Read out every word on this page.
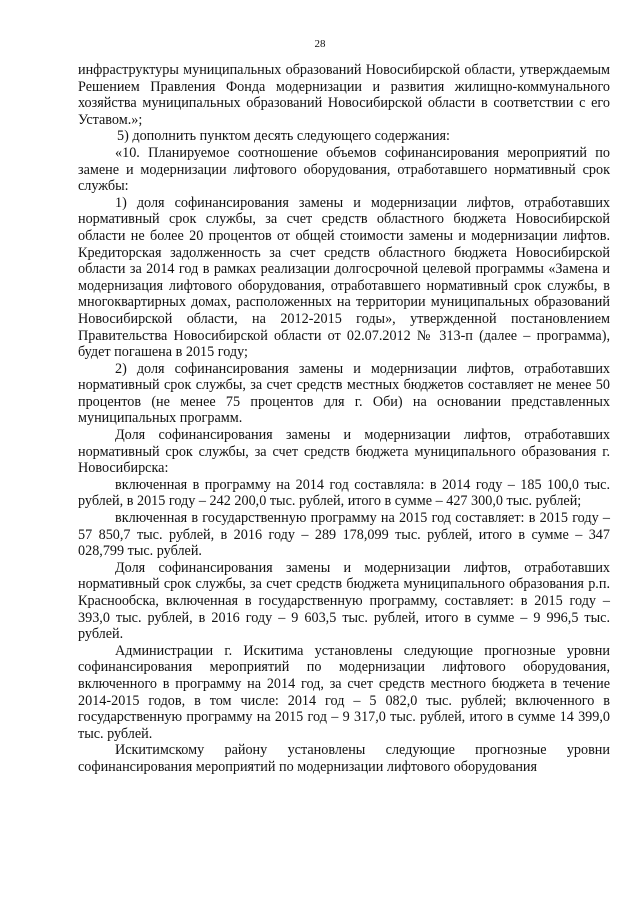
28

инфраструктуры муниципальных образований Новосибирской области, утверждаемым Решением Правления Фонда модернизации и развития жилищно-коммунального хозяйства муниципальных образований Новосибирской области в соответствии с его Уставом.»;

5) дополнить пунктом десять следующего содержания:

«10. Планируемое соотношение объемов софинансирования мероприятий по замене и модернизации лифтового оборудования, отработавшего нормативный срок службы:

1) доля софинансирования замены и модернизации лифтов, отработавших нормативный срок службы, за счет средств областного бюджета Новосибирской области не более 20 процентов от общей стоимости замены и модернизации лифтов. Кредиторская задолженность за счет средств областного бюджета Новосибирской области за 2014 год в рамках реализации долгосрочной целевой программы «Замена и модернизация лифтового оборудования, отработавшего нормативный срок службы, в многоквартирных домах, расположенных на территории муниципальных образований Новосибирской области, на 2012-2015 годы», утвержденной постановлением Правительства Новосибирской области от 02.07.2012 № 313-п (далее – программа), будет погашена в 2015 году;

2) доля софинансирования замены и модернизации лифтов, отработавших нормативный срок службы, за счет средств местных бюджетов составляет не менее 50 процентов (не менее 75 процентов для г. Оби) на основании представленных муниципальных программ.

Доля софинансирования замены и модернизации лифтов, отработавших нормативный срок службы, за счет средств бюджета муниципального образования г. Новосибирска:

включенная в программу на 2014 год составляла: в 2014 году – 185 100,0 тыс. рублей, в 2015 году – 242 200,0 тыс. рублей, итого в сумме – 427 300,0 тыс. рублей;

включенная в государственную программу на 2015 год составляет: в 2015 году – 57 850,7 тыс. рублей, в 2016 году – 289 178,099 тыс. рублей, итого в сумме – 347 028,799 тыс. рублей.

Доля софинансирования замены и модернизации лифтов, отработавших нормативный срок службы, за счет средств бюджета муниципального образования р.п. Краснообска, включенная в государственную программу, составляет: в 2015 году – 393,0 тыс. рублей, в 2016 году – 9 603,5 тыс. рублей, итого в сумме – 9 996,5 тыс. рублей.

Администрации г. Искитима установлены следующие прогнозные уровни софинансирования мероприятий по модернизации лифтового оборудования, включенного в программу на 2014 год, за счет средств местного бюджета в течение 2014-2015 годов, в том числе: 2014 год – 5 082,0 тыс. рублей; включенного в государственную программу на 2015 год – 9 317,0 тыс. рублей, итого в сумме 14 399,0 тыс. рублей.

Искитимскому району установлены следующие прогнозные уровни софинансирования мероприятий по модернизации лифтового оборудования
